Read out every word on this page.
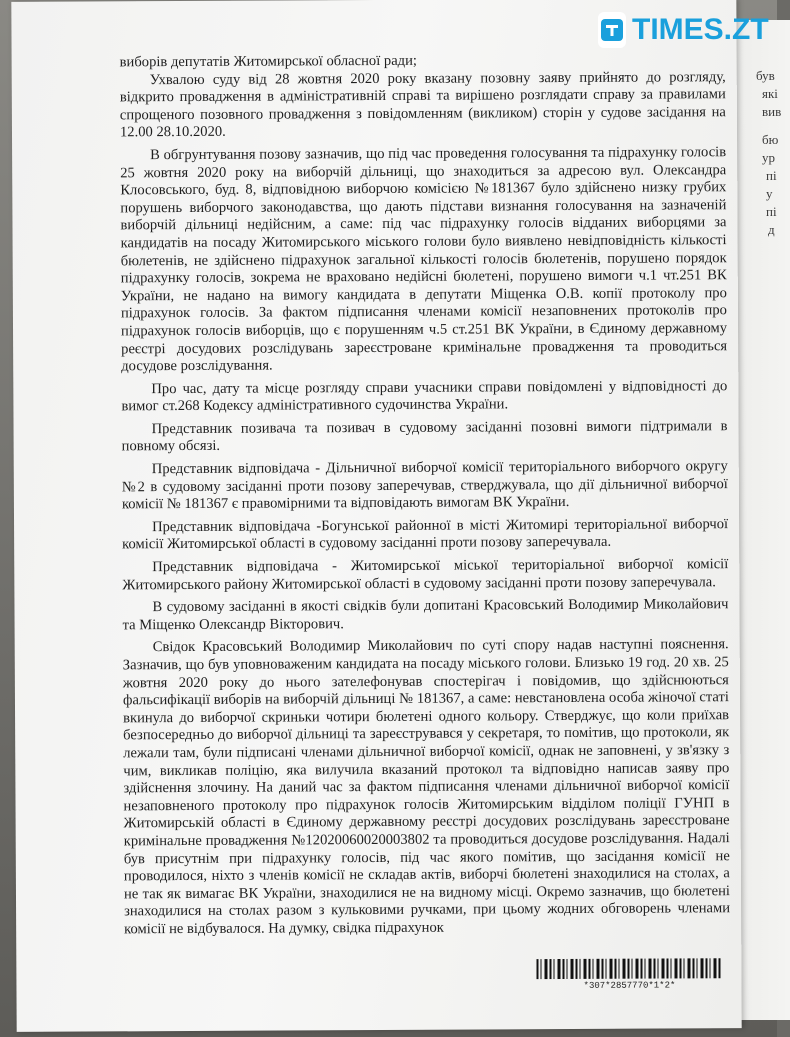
був
які
вив
бю
ур
пі
у
пі
д

виборів депутатів Житомирської обласної ради;

Ухвалою суду від 28 жовтня 2020 року вказану позовну заяву прийнято до розгляду, відкрито провадження в адміністративній справі та вирішено розглядати справу за правилами спрощеного позовного провадження з повідомленням (викликом) сторін у судове засідання на 12.00 28.10.2020.

В обгрунтування позову зазначив, що під час проведення голосування та підрахунку голосів 25 жовтня 2020 року на виборчій дільниці, що знаходиться за адресою вул. Олександра Клосовського, буд. 8, відповідною виборчою комісією №181367 було здійснено низку грубих порушень виборчого законодавства, що дають підстави визнання голосування на зазначеній виборчій дільниці недійсним, а саме: під час підрахунку голосів відданих виборцями за кандидатів на посаду Житомирського міського голови було виявлено невідповідність кількості бюлетенів, не здійснено підрахунок загальної кількості голосів бюлетенів, порушено порядок підрахунку голосів, зокрема не враховано недійсні бюлетені, порушено вимоги ч.1 чт.251 ВК України, не надано на вимогу кандидата в депутати Міщенка О.В. копії протоколу про підрахунок голосів. За фактом підписання членами комісії незаповнених протоколів про підрахунок голосів виборців, що є порушенням ч.5 ст.251 ВК України, в Єдиному державному реєстрі досудових розслідувань зареєстроване кримінальне провадження та проводиться досудове розслідування.

Про час, дату та місце розгляду справи учасники справи повідомлені у відповідності до вимог ст.268 Кодексу адміністративного судочинства України.

Представник позивача та позивач в судовому засіданні позовні вимоги підтримали в повному обсязі.

Представник відповідача - Дільничної виборчої комісії територіального виборчого округу №2 в судовому засіданні проти позову заперечував, стверджувала, що дії дільничної виборчої комісії № 181367 є правомірними та відповідають вимогам ВК України.

Представник відповідача -Богунської районної в місті Житомирі територіальної виборчої комісії Житомирської області в судовому засіданні проти позову заперечувала.

Представник відповідача - Житомирської міської територіальної виборчої комісії Житомирського району Житомирської області в судовому засіданні проти позову заперечувала.

В судовому засіданні в якості свідків були допитані Красовський Володимир Миколайович та Міщенко Олександр Вікторович.

Свідок Красовський Володимир Миколайович по суті спору надав наступні пояснення. Зазначив, що був уповноваженим кандидата на посаду міського голови. Близько 19 год. 20 хв. 25 жовтня 2020 року до нього зателефонував спостерігач і повідомив, що здійснюються фальсифікації виборів на виборчій дільниці № 181367, а саме: невстановлена особа жіночої статі вкинула до виборчої скриньки чотири бюлетені одного кольору. Стверджує, що коли приїхав безпосередньо до виборчої дільниці та зареєструвався у секретаря, то помітив, що протоколи, як лежали там, були підписані членами дільничної виборчої комісії, однак не заповнені, у зв'язку з чим, викликав поліцію, яка вилучила вказаний протокол та відповідно написав заяву про здійснення злочину. На даний час за фактом підписання членами дільничної виборчої комісії незаповненого протоколу про підрахунок голосів Житомирським відділом поліції ГУНП в Житомирській області в Єдиному державному реєстрі досудових розслідувань зареєстроване кримінальне провадження №12020060020003802 та проводиться досудове розслідування. Надалі був присутнім при підрахунку голосів, під час якого помітив, що засідання комісії не проводилося, ніхто з членів комісії не складав актів, виборчі бюлетені знаходилися на столах, а не так як вимагає ВК України, знаходилися не на видному місці. Окремо зазначив, що бюлетені знаходилися на столах разом з кульковими ручками, при цьому жодних обговорень членами комісії не відбувалося. На думку, свідка підрахунок

*307*2857770*1*2*
TIMES.ZT
